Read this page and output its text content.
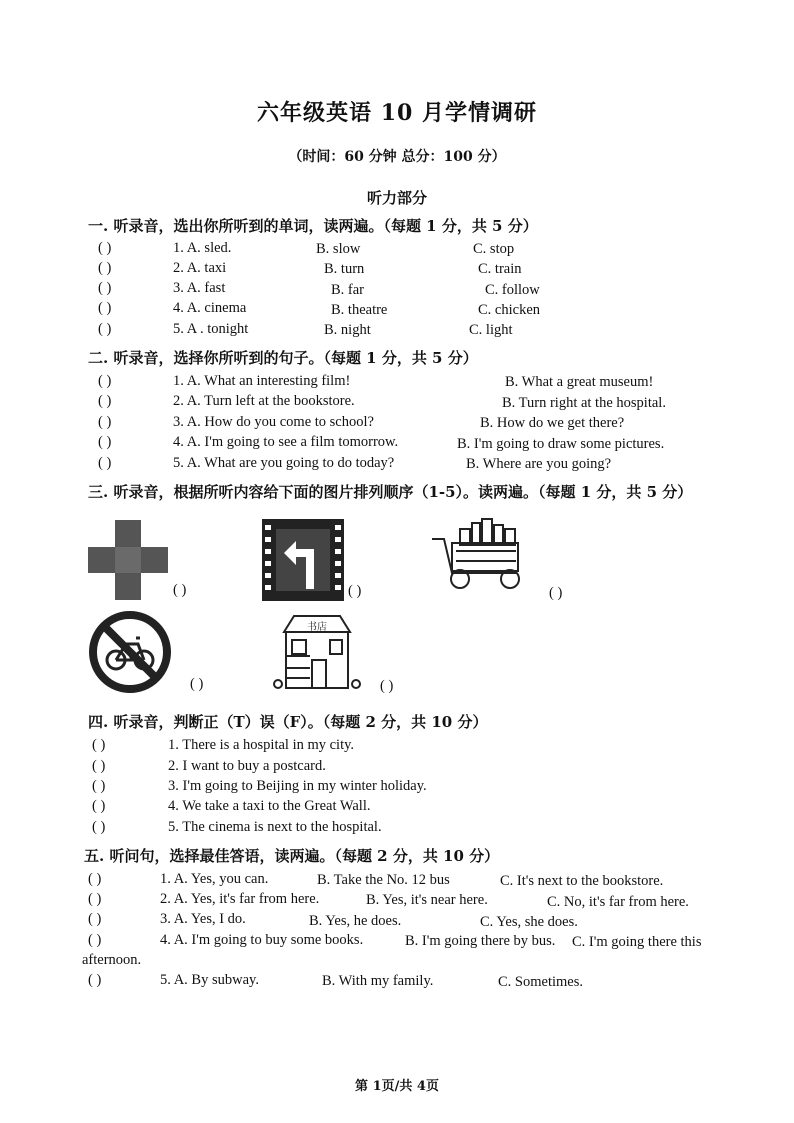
六年级英语 10 月学情调研
（时间：60 分钟 总分：100 分）
听力部分
一. 听录音，选出你所听到的单词，读两遍。（每题 1 分，共 5 分）
( )	1. A. sled.	B. slow	C. stop
( )	2. A. taxi	B. turn	C. train
( )	3. A. fast	B. far	C. follow
( )	4. A. cinema	B. theatre	C. chicken
( )	5. A . tonight	B. night	C. light
二. 听录音，选择你所听到的句子。（每题 1 分，共 5 分）
( )	1. A. What an interesting film!	B. What a great museum!
( )	2. A. Turn left at the bookstore.	B. Turn right at the hospital.
( )	3. A. How do you come to school?	B. How do we get there?
( )	4. A. I'm going to see a film tomorrow.	B. I'm going to draw some pictures.
( )	5. A. What are you going to do today?	B. Where are you going?
三. 听录音，根据所听内容给下面的图片排列顺序（1-5）。读两遍。（每题 1 分，共 5 分）
( )	( )	( )
( )
书店
( )
四. 听录音，判断正（T）误（F）。（每题 2 分，共 10 分）
( )	1. There is a hospital in my city.
( )	2. I want to buy a postcard.
( )	3. I'm going to Beijing in my winter holiday.
( )	4. We take a taxi to the Great Wall.
( )	5. The cinema is next to the hospital.
五. 听问句，选择最佳答语，读两遍。（每题 2 分，共 10 分）
( )	1. A. Yes, you can.	B. Take the No. 12 bus	C. It's next to the bookstore.
( )	2. A. Yes, it's far from here.	B. Yes, it's near here.	C. No, it's far from here.
( )	3. A. Yes, I do.	B. Yes, he does.	C. Yes, she does.
( )	4. A. I'm going to buy some books.	B. I'm going there by bus. C. I'm going there this
afternoon.
( )	5. A. By subway.	B. With my family.	C. Sometimes.
第 1页/共 4页
